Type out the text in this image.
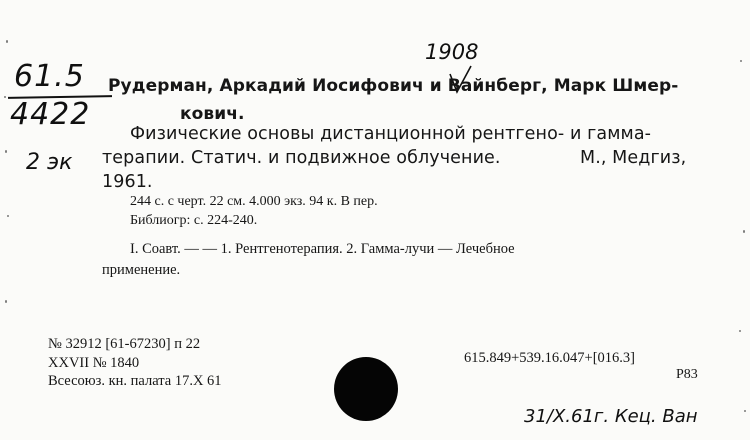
1908
61.5
4422
2 эк
Рудерман, Аркадий Иосифович и Вайнберг, Марк Шмер-
кович.
Физические основы дистанционной рентгено- и гамма-
терапии. Статич. и подвижное облучение.	М., Медгиз,
1961.
244 с. с черт. 22 см. 4.000 экз. 94 к. В пер.
Библиогр: с. 224-240.
I. Соавт. — — 1. Рентгенотерапия. 2. Гамма-лучи — Лечебное
применение.
№ 32912 [61-67230] п 22
XXVII № 1840
Всесоюз. кн. палата 17.X 61
615.849+539.16.047+[016.3]
Р83
31/Х.61г. Кец. Ван
